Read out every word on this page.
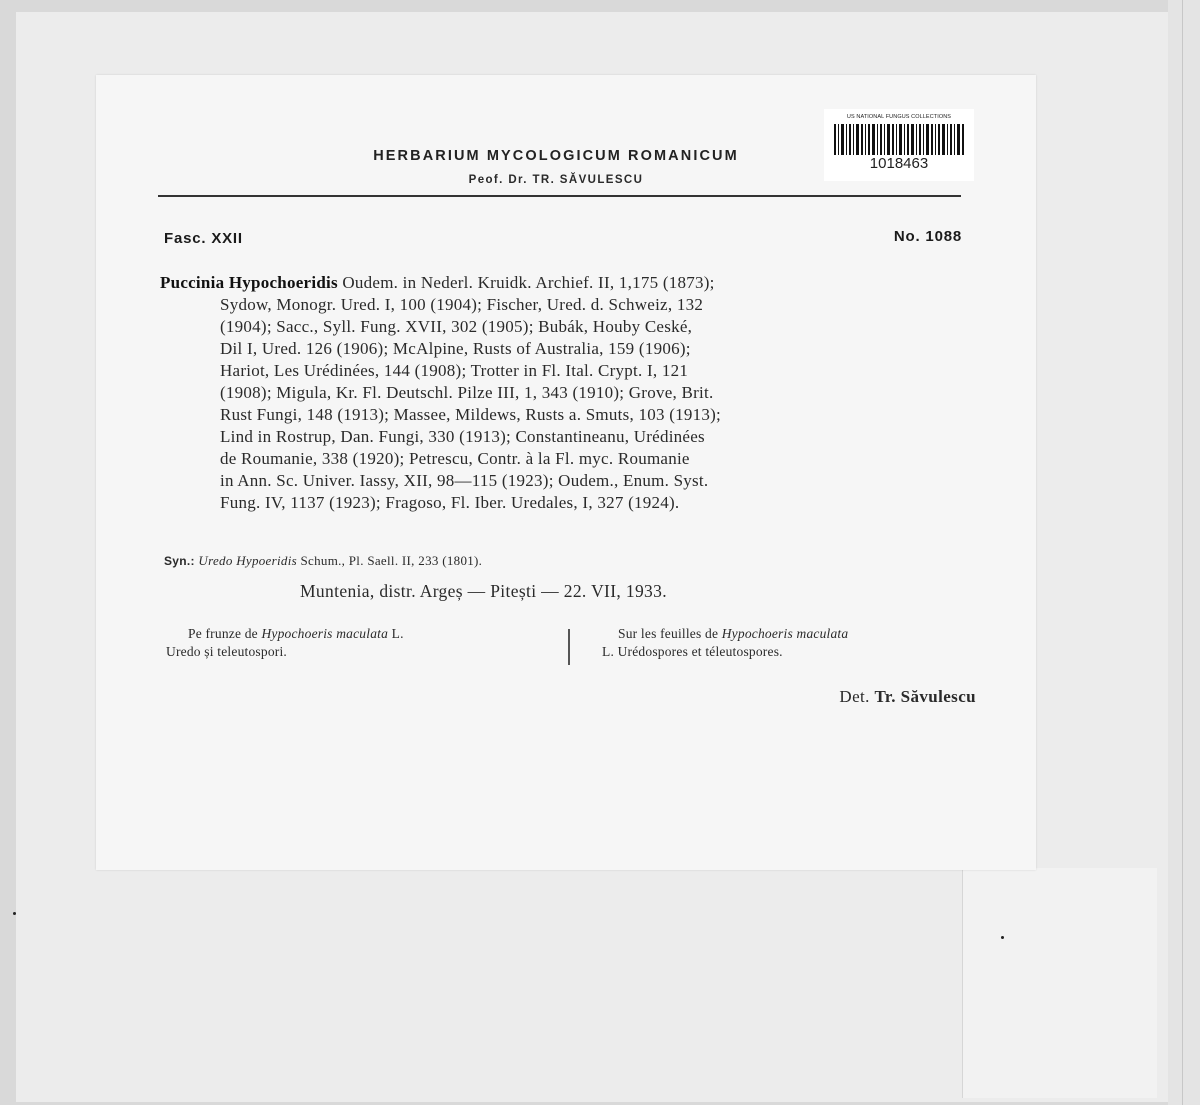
US NATIONAL FUNGUS COLLECTIONS
1018463
HERBARIUM MYCOLOGICUM ROMANICUM
Peof. Dr. TR. SĂVULESCU
Fasc. XXII	No. 1088
Puccinia Hypochoeridis Oudem. in Nederl. Kruidk. Archief. II, 1,175 (1873);
Sydow, Monogr. Ured. I, 100 (1904); Fischer, Ured. d. Schweiz, 132
(1904); Sacc., Syll. Fung. XVII, 302 (1905); Bubák, Houby Ceské,
Dil I, Ured. 126 (1906); McAlpine, Rusts of Australia, 159 (1906);
Hariot, Les Urédinées, 144 (1908); Trotter in Fl. Ital. Crypt. I, 121
(1908); Migula, Kr. Fl. Deutschl. Pilze III, 1, 343 (1910); Grove, Brit.
Rust Fungi, 148 (1913); Massee, Mildews, Rusts a. Smuts, 103 (1913);
Lind in Rostrup, Dan. Fungi, 330 (1913); Constantineanu, Urédinées
de Roumanie, 338 (1920); Petrescu, Contr. à la Fl. myc. Roumanie
in Ann. Sc. Univer. Iassy, XII, 98—115 (1923); Oudem., Enum. Syst.
Fung. IV, 1137 (1923); Fragoso, Fl. Iber. Uredales, I, 327 (1924).
Syn.: Uredo Hypoeridis Schum., Pl. Saell. II, 233 (1801).
Muntenia, distr. Argeș — Pitești — 22. VII, 1933.
Pe frunze de Hypochoeris maculata L.
Uredo și teleutospori.
Sur les feuilles de Hypochoeris maculata
L. Urédospores et téleutospores.
Det. Tr. Săvulescu
